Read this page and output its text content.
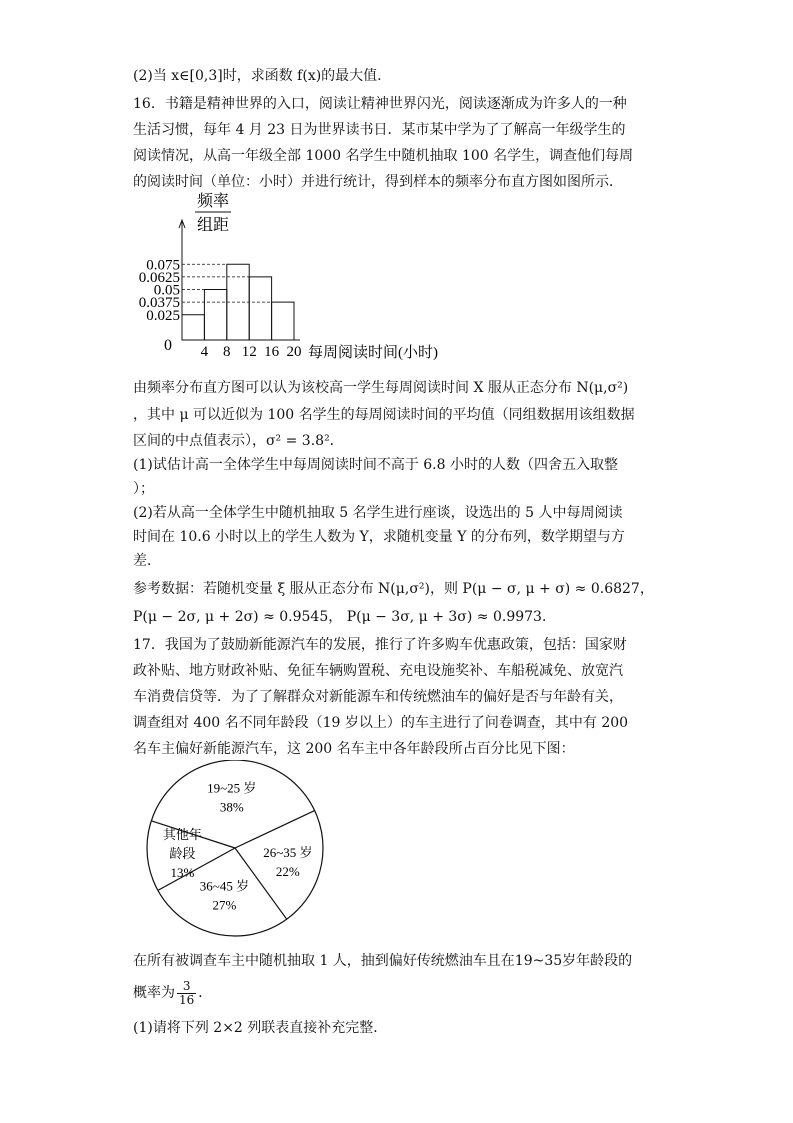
(2)当 x∈[0,3]时，求函数 f(x)的最大值.
16．书籍是精神世界的入口，阅读让精神世界闪光，阅读逐渐成为许多人的一种
生活习惯，每年 4 月 23 日为世界读书日．某市某中学为了了解高一年级学生的
阅读情况，从高一年级全部 1000 名学生中随机抽取 100 名学生，调查他们每周
的阅读时间（单位：小时）并进行统计，得到样本的频率分布直方图如图所示．
频率
组距
0
0.075
0.0625
0.05
0.0375
0.025
4 8 12 16 20 每周阅读时间(小时)
由频率分布直方图可以认为该校高一学生每周阅读时间 X 服从正态分布 N(μ,σ²)
，其中 μ 可以近似为 100 名学生的每周阅读时间的平均值（同组数据用该组数据
区间的中点值表示），σ² = 3.8²．
(1)试估计高一全体学生中每周阅读时间不高于 6.8 小时的人数（四舍五入取整
）；
(2)若从高一全体学生中随机抽取 5 名学生进行座谈，设选出的 5 人中每周阅读
时间在 10.6 小时以上的学生人数为 Y，求随机变量 Y 的分布列，数学期望与方
差．
参考数据：若随机变量 ξ 服从正态分布 N(μ,σ²)，则 P(μ − σ, μ + σ) ≈ 0.6827，
P(μ − 2σ, μ + 2σ) ≈ 0.9545， P(μ − 3σ, μ + 3σ) ≈ 0.9973．
17．我国为了鼓励新能源汽车的发展，推行了许多购车优惠政策，包括：国家财
政补贴、地方财政补贴、免征车辆购置税、充电设施奖补、车船税减免、放宽汽
车消费信贷等．为了了解群众对新能源车和传统燃油车的偏好是否与年龄有关，
调查组对 400 名不同年龄段（19 岁以上）的车主进行了问卷调查，其中有 200
名车主偏好新能源汽车，这 200 名车主中各年龄段所占百分比见下图：
19~25 岁
38%
26~35 岁
22%
36~45 岁
27%
其他年
龄段
13%
在所有被调查车主中随机抽取 1 人，抽到偏好传统燃油车且在19~35岁年龄段的
概率为 $\frac{3}{16}$ ．
(1)请将下列 2×2 列联表直接补充完整．
